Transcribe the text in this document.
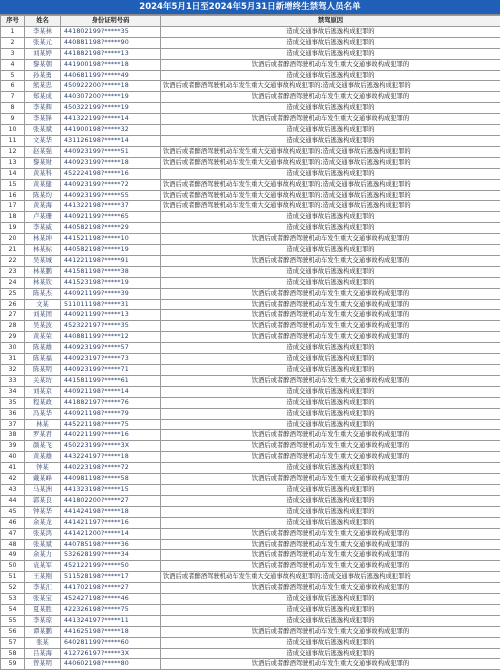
2024年5月1日至2024年5月31日新增终生禁驾人员名单
序号	姓名	身份证明号码	禁驾原因
1	李某林	441802199?*****35	造成交通事故后逃逸构成犯罪的
2	张某元	440881198?*****90	造成交通事故后逃逸构成犯罪的
3	刘某婷	441882198?*****13	造成交通事故后逃逸构成犯罪的
4	黎某朝	441900198?*****18	饮酒后或者醉酒驾驶机动车发生重大交通事故构成犯罪的
5	孙某勇	440681199?*****49	造成交通事故后逃逸构成犯罪的
6	熊某忠	450922200?*****18	饮酒后或者醉酒驾驶机动车发生重大交通事故构成犯罪的;造成交通事故后逃逸构成犯罪的
7	郑某成	440307200?*****19	饮酒后或者醉酒驾驶机动车发生重大交通事故构成犯罪的
8	李某辉	450322199?*****19	造成交通事故后逃逸构成犯罪的
9	李某锋	441322199?*****14	饮酒后或者醉酒驾驶机动车发生重大交通事故构成犯罪的
10	张某斌	441900198?*****32	造成交通事故后逃逸构成犯罪的
11	文某华	431126198?*****14	造成交通事故后逃逸构成犯罪的
12	赵某强	440923199?*****51	饮酒后或者醉酒驾驶机动车发生重大交通事故构成犯罪的;造成交通事故后逃逸构成犯罪的
13	黎某财	440923199?*****18	饮酒后或者醉酒驾驶机动车发生重大交通事故构成犯罪的;造成交通事故后逃逸构成犯罪的
14	黄某科	452224198?*****16	造成交通事故后逃逸构成犯罪的
15	黄某健	440923199?*****72	饮酒后或者醉酒驾驶机动车发生重大交通事故构成犯罪的;造成交通事故后逃逸构成犯罪的
16	陈某均	440923199?*****55	饮酒后或者醉酒驾驶机动车发生重大交通事故构成犯罪的;造成交通事故后逃逸构成犯罪的
17	黄某海	441322198?*****37	饮酒后或者醉酒驾驶机动车发生重大交通事故构成犯罪的;造成交通事故后逃逸构成犯罪的
18	卢某珊	440921199?*****65	造成交通事故后逃逸构成犯罪的
19	李某威	440582198?*****29	造成交通事故后逃逸构成犯罪的
20	林某坤	441521198?*****10	饮酒后或者醉酒驾驶机动车发生重大交通事故构成犯罪的
21	林某标	440582198?*****19	造成交通事故后逃逸构成犯罪的
22	吴某城	441221198?*****91	饮酒后或者醉酒驾驶机动车发生重大交通事故构成犯罪的
23	林某鹏	441581198?*****38	造成交通事故后逃逸构成犯罪的
24	林某钦	441523198?*****19	造成交通事故后逃逸构成犯罪的
25	陈某杰	440921199?*****39	饮酒后或者醉酒驾驶机动车发生重大交通事故构成犯罪的
26	文某	511011198?*****31	饮酒后或者醉酒驾驶机动车发生重大交通事故构成犯罪的
27	刘某团	440921199?*****13	饮酒后或者醉酒驾驶机动车发生重大交通事故构成犯罪的
28	吴某波	452322197?*****35	饮酒后或者醉酒驾驶机动车发生重大交通事故构成犯罪的
29	黄某荣	440881199?*****12	饮酒后或者醉酒驾驶机动车发生重大交通事故构成犯罪的
30	陈某雄	440923199?*****57	造成交通事故后逃逸构成犯罪的
31	陈某福	440923197?*****73	造成交通事故后逃逸构成犯罪的
32	陈某明	440923199?*****71	造成交通事故后逃逸构成犯罪的
33	关某坊	441581199?*****61	饮酒后或者醉酒驾驶机动车发生重大交通事故构成犯罪的
34	刘某京	440921198?*****14	造成交通事故后逃逸构成犯罪的
35	程某政	441882197?*****76	造成交通事故后逃逸构成犯罪的
36	冯某华	440921198?*****79	造成交通事故后逃逸构成犯罪的
37	林某	445221198?*****75	造成交通事故后逃逸构成犯罪的
38	罗某君	440221199?*****16	饮酒后或者醉酒驾驶机动车发生重大交通事故构成犯罪的
39	颜某飞	450223199?*****3X	饮酒后或者醉酒驾驶机动车发生重大交通事故构成犯罪的
40	黄某雄	443224197?*****18	饮酒后或者醉酒驾驶机动车发生重大交通事故构成犯罪的
41	钟某	440223198?*****72	造成交通事故后逃逸构成犯罪的
42	戴某峰	440981198?*****58	饮酒后或者醉酒驾驶机动车发生重大交通事故构成犯罪的
43	马某洲	441323198?*****15	造成交通事故后逃逸构成犯罪的
44	郭某良	441802200?*****27	造成交通事故后逃逸构成犯罪的
45	钟某华	441424198?*****18	造成交通事故后逃逸构成犯罪的
46	余某龙	441421197?*****16	造成交通事故后逃逸构成犯罪的
47	张某鸿	441421200?*****14	饮酒后或者醉酒驾驶机动车发生重大交通事故构成犯罪的
48	张某斌	440785198?*****36	饮酒后或者醉酒驾驶机动车发生重大交通事故构成犯罪的
49	余某力	532628199?*****34	饮酒后或者醉酒驾驶机动车发生重大交通事故构成犯罪的
50	袁某军	452122199?*****50	饮酒后或者醉酒驾驶机动车发生重大交通事故构成犯罪的
51	王某刚	511528198?*****17	饮酒后或者醉酒驾驶机动车发生重大交通事故构成犯罪的;造成交通事故后逃逸构成犯罪的
52	李某汇	441702198?*****27	饮酒后或者醉酒驾驶机动车发生重大交通事故构成犯罪的
53	张某宝	452427198?*****46	造成交通事故后逃逸构成犯罪的
54	夏某胜	422326198?*****75	造成交通事故后逃逸构成犯罪的
55	李某琼	441324197?*****11	造成交通事故后逃逸构成犯罪的
56	谭某鹏	441625198?*****18	饮酒后或者醉酒驾驶机动车发生重大交通事故构成犯罪的
57	张某	640281199?*****60	造成交通事故后逃逸构成犯罪的
58	吕某海	412726197?*****3X	造成交通事故后逃逸构成犯罪的
59	曾某明	440602198?*****80	饮酒后或者醉酒驾驶机动车发生重大交通事故构成犯罪的
